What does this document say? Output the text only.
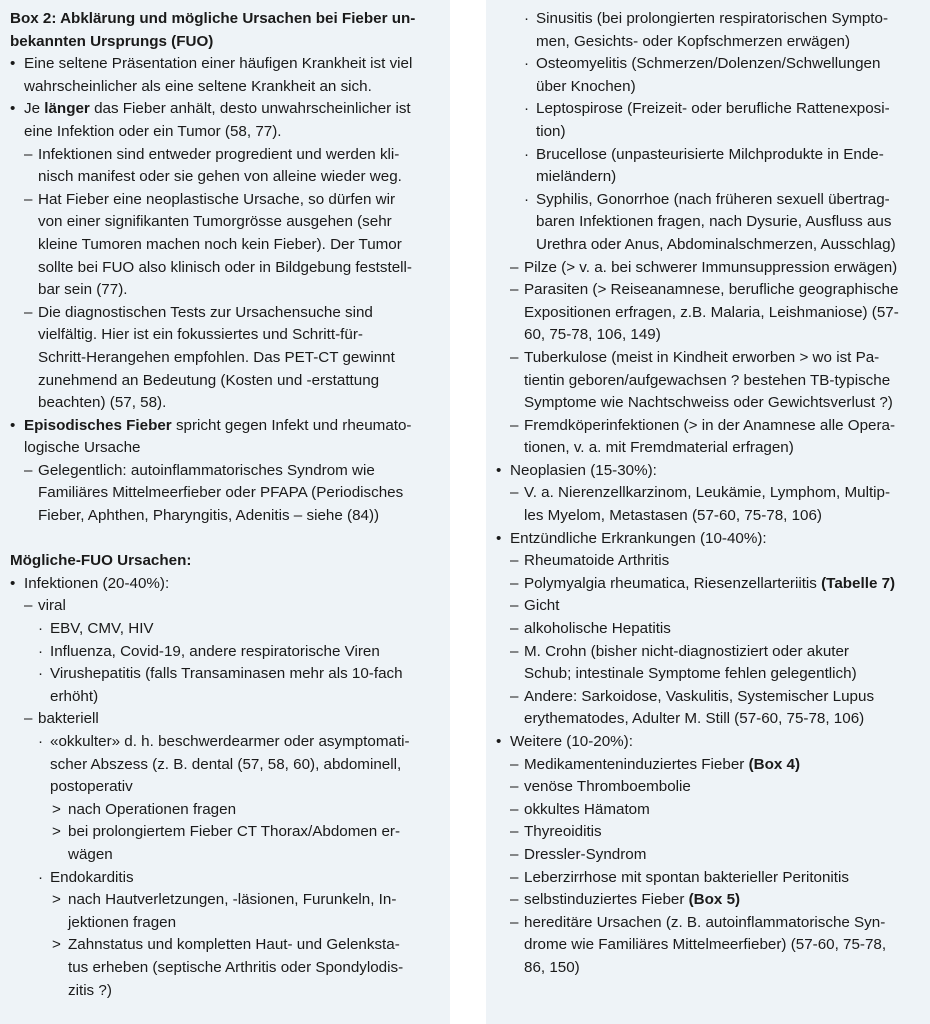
Box 2: Abklärung und mögliche Ursachen bei Fieber un-
bekannten Ursprungs (FUO)
• Eine seltene Präsentation einer häufigen Krankheit ist viel
wahrscheinlicher als eine seltene Krankheit an sich.
• Je länger das Fieber anhält, desto unwahrscheinlicher ist
eine Infektion oder ein Tumor (58, 77).
– Infektionen sind entweder progredient und werden kli-
nisch manifest oder sie gehen von alleine wieder weg.
– Hat Fieber eine neoplastische Ursache, so dürfen wir
von einer signifikanten Tumorgrösse ausgehen (sehr
kleine Tumoren machen noch kein Fieber). Der Tumor
sollte bei FUO also klinisch oder in Bildgebung feststell-
bar sein (77).
– Die diagnostischen Tests zur Ursachensuche sind
vielfältig. Hier ist ein fokussiertes und Schritt-für-
Schritt-Herangehen empfohlen. Das PET-CT gewinnt
zunehmend an Bedeutung (Kosten und -erstattung
beachten) (57, 58).
• Episodisches Fieber spricht gegen Infekt und rheumato-
logische Ursache
– Gelegentlich: autoinflammatorisches Syndrom wie
Familiäres Mittelmeerfieber oder PFAPA (Periodisches
Fieber, Aphthen, Pharyngitis, Adenitis – siehe (84))
Mögliche-FUO Ursachen:
• Infektionen (20-40%):
– viral
· EBV, CMV, HIV
· Influenza, Covid-19, andere respiratorische Viren
· Virushepatitis (falls Transaminasen mehr als 10-fach
erhöht)
– bakteriell
· «okkulter» d. h. beschwerdearmer oder asymptomati-
scher Abszess (z. B. dental (57, 58, 60), abdominell,
postoperativ
> nach Operationen fragen
> bei prolongiertem Fieber CT Thorax/Abdomen er-
wägen
· Endokarditis
> nach Hautverletzungen, -läsionen, Furunkeln, In-
jektionen fragen
> Zahnstatus und kompletten Haut- und Gelenksta-
tus erheben (septische Arthritis oder Spondylodis-
zitis ?)
· Sinusitis (bei prolongierten respiratorischen Sympto-
men, Gesichts- oder Kopfschmerzen erwägen)
· Osteomyelitis (Schmerzen/Dolenzen/Schwellungen
über Knochen)
· Leptospirose (Freizeit- oder berufliche Rattenexposi-
tion)
· Brucellose (unpasteurisierte Milchprodukte in Ende-
mieländern)
· Syphilis, Gonorrhoe (nach früheren sexuell übertrag-
baren Infektionen fragen, nach Dysurie, Ausfluss aus
Urethra oder Anus, Abdominalschmerzen, Ausschlag)
– Pilze (> v. a. bei schwerer Immunsuppression erwägen)
– Parasiten (> Reiseanamnese, berufliche geographische
Expositionen erfragen, z.B. Malaria, Leishmaniose) (57-
60, 75-78, 106, 149)
– Tuberkulose (meist in Kindheit erworben > wo ist Pa-
tientin geboren/aufgewachsen ? bestehen TB-typische
Symptome wie Nachtschweiss oder Gewichtsverlust ?)
– Fremdköperinfektionen (> in der Anamnese alle Opera-
tionen, v. a. mit Fremdmaterial erfragen)
• Neoplasien (15-30%):
– V. a. Nierenzellkarzinom, Leukämie, Lymphom, Multip-
les Myelom, Metastasen (57-60, 75-78, 106)
• Entzündliche Erkrankungen (10-40%):
– Rheumatoide Arthritis
– Polymyalgia rheumatica, Riesenzellarteriitis (Tabelle 7)
– Gicht
– alkoholische Hepatitis
– M. Crohn (bisher nicht-diagnostiziert oder akuter
Schub; intestinale Symptome fehlen gelegentlich)
– Andere: Sarkoidose, Vaskulitis, Systemischer Lupus
erythematodes, Adulter M. Still (57-60, 75-78, 106)
• Weitere (10-20%):
– Medikamenteninduziertes Fieber (Box 4)
– venöse Thromboembolie
– okkultes Hämatom
– Thyreoiditis
– Dressler-Syndrom
– Leberzirrhose mit spontan bakterieller Peritonitis
– selbstinduziertes Fieber (Box 5)
– hereditäre Ursachen (z. B. autoinflammatorische Syn-
drome wie Familiäres Mittelmeerfieber) (57-60, 75-78,
86, 150)
